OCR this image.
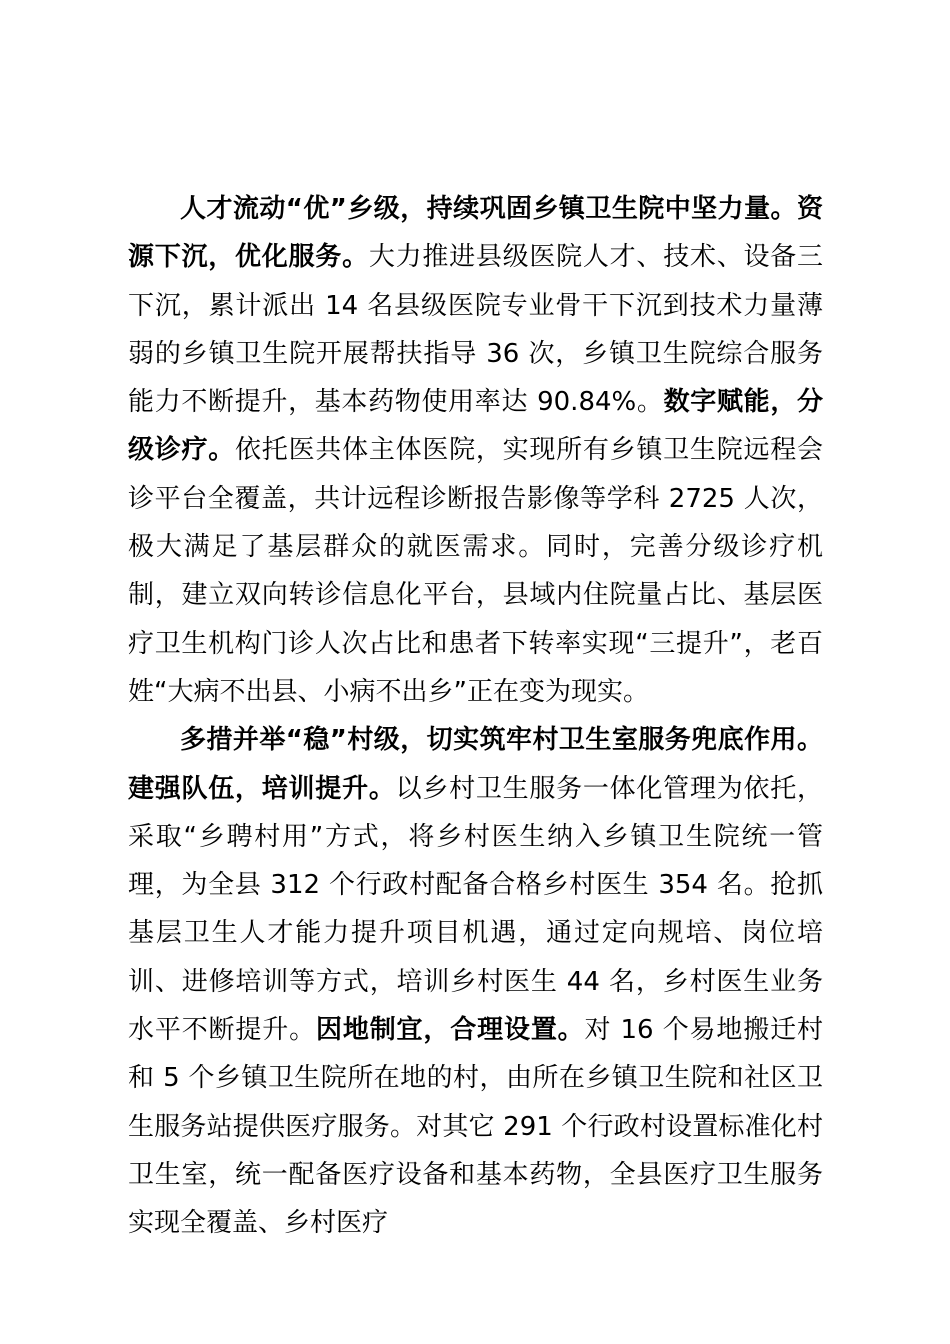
人才流动“优”乡级，持续巩固乡镇卫生院中坚力量。资源下沉，优化服务。大力推进县级医院人才、技术、设备三下沉，累计派出 14 名县级医院专业骨干下沉到技术力量薄弱的乡镇卫生院开展帮扶指导 36 次，乡镇卫生院综合服务能力不断提升，基本药物使用率达 90.84%。数字赋能，分级诊疗。依托医共体主体医院，实现所有乡镇卫生院远程会诊平台全覆盖，共计远程诊断报告影像等学科 2725 人次，极大满足了基层群众的就医需求。同时，完善分级诊疗机制，建立双向转诊信息化平台，县域内住院量占比、基层医疗卫生机构门诊人次占比和患者下转率实现“三提升”，老百姓“大病不出县、小病不出乡”正在变为现实。

多措并举“稳”村级，切实筑牢村卫生室服务兜底作用。建强队伍，培训提升。以乡村卫生服务一体化管理为依托，采取“乡聘村用”方式，将乡村医生纳入乡镇卫生院统一管理，为全县 312 个行政村配备合格乡村医生 354 名。抢抓基层卫生人才能力提升项目机遇，通过定向规培、岗位培训、进修培训等方式，培训乡村医生 44 名，乡村医生业务水平不断提升。因地制宜，合理设置。对 16 个易地搬迁村和 5 个乡镇卫生院所在地的村，由所在乡镇卫生院和社区卫生服务站提供医疗服务。对其它 291 个行政村设置标准化村卫生室，统一配备医疗设备和基本药物，全县医疗卫生服务实现全覆盖、乡村医疗
